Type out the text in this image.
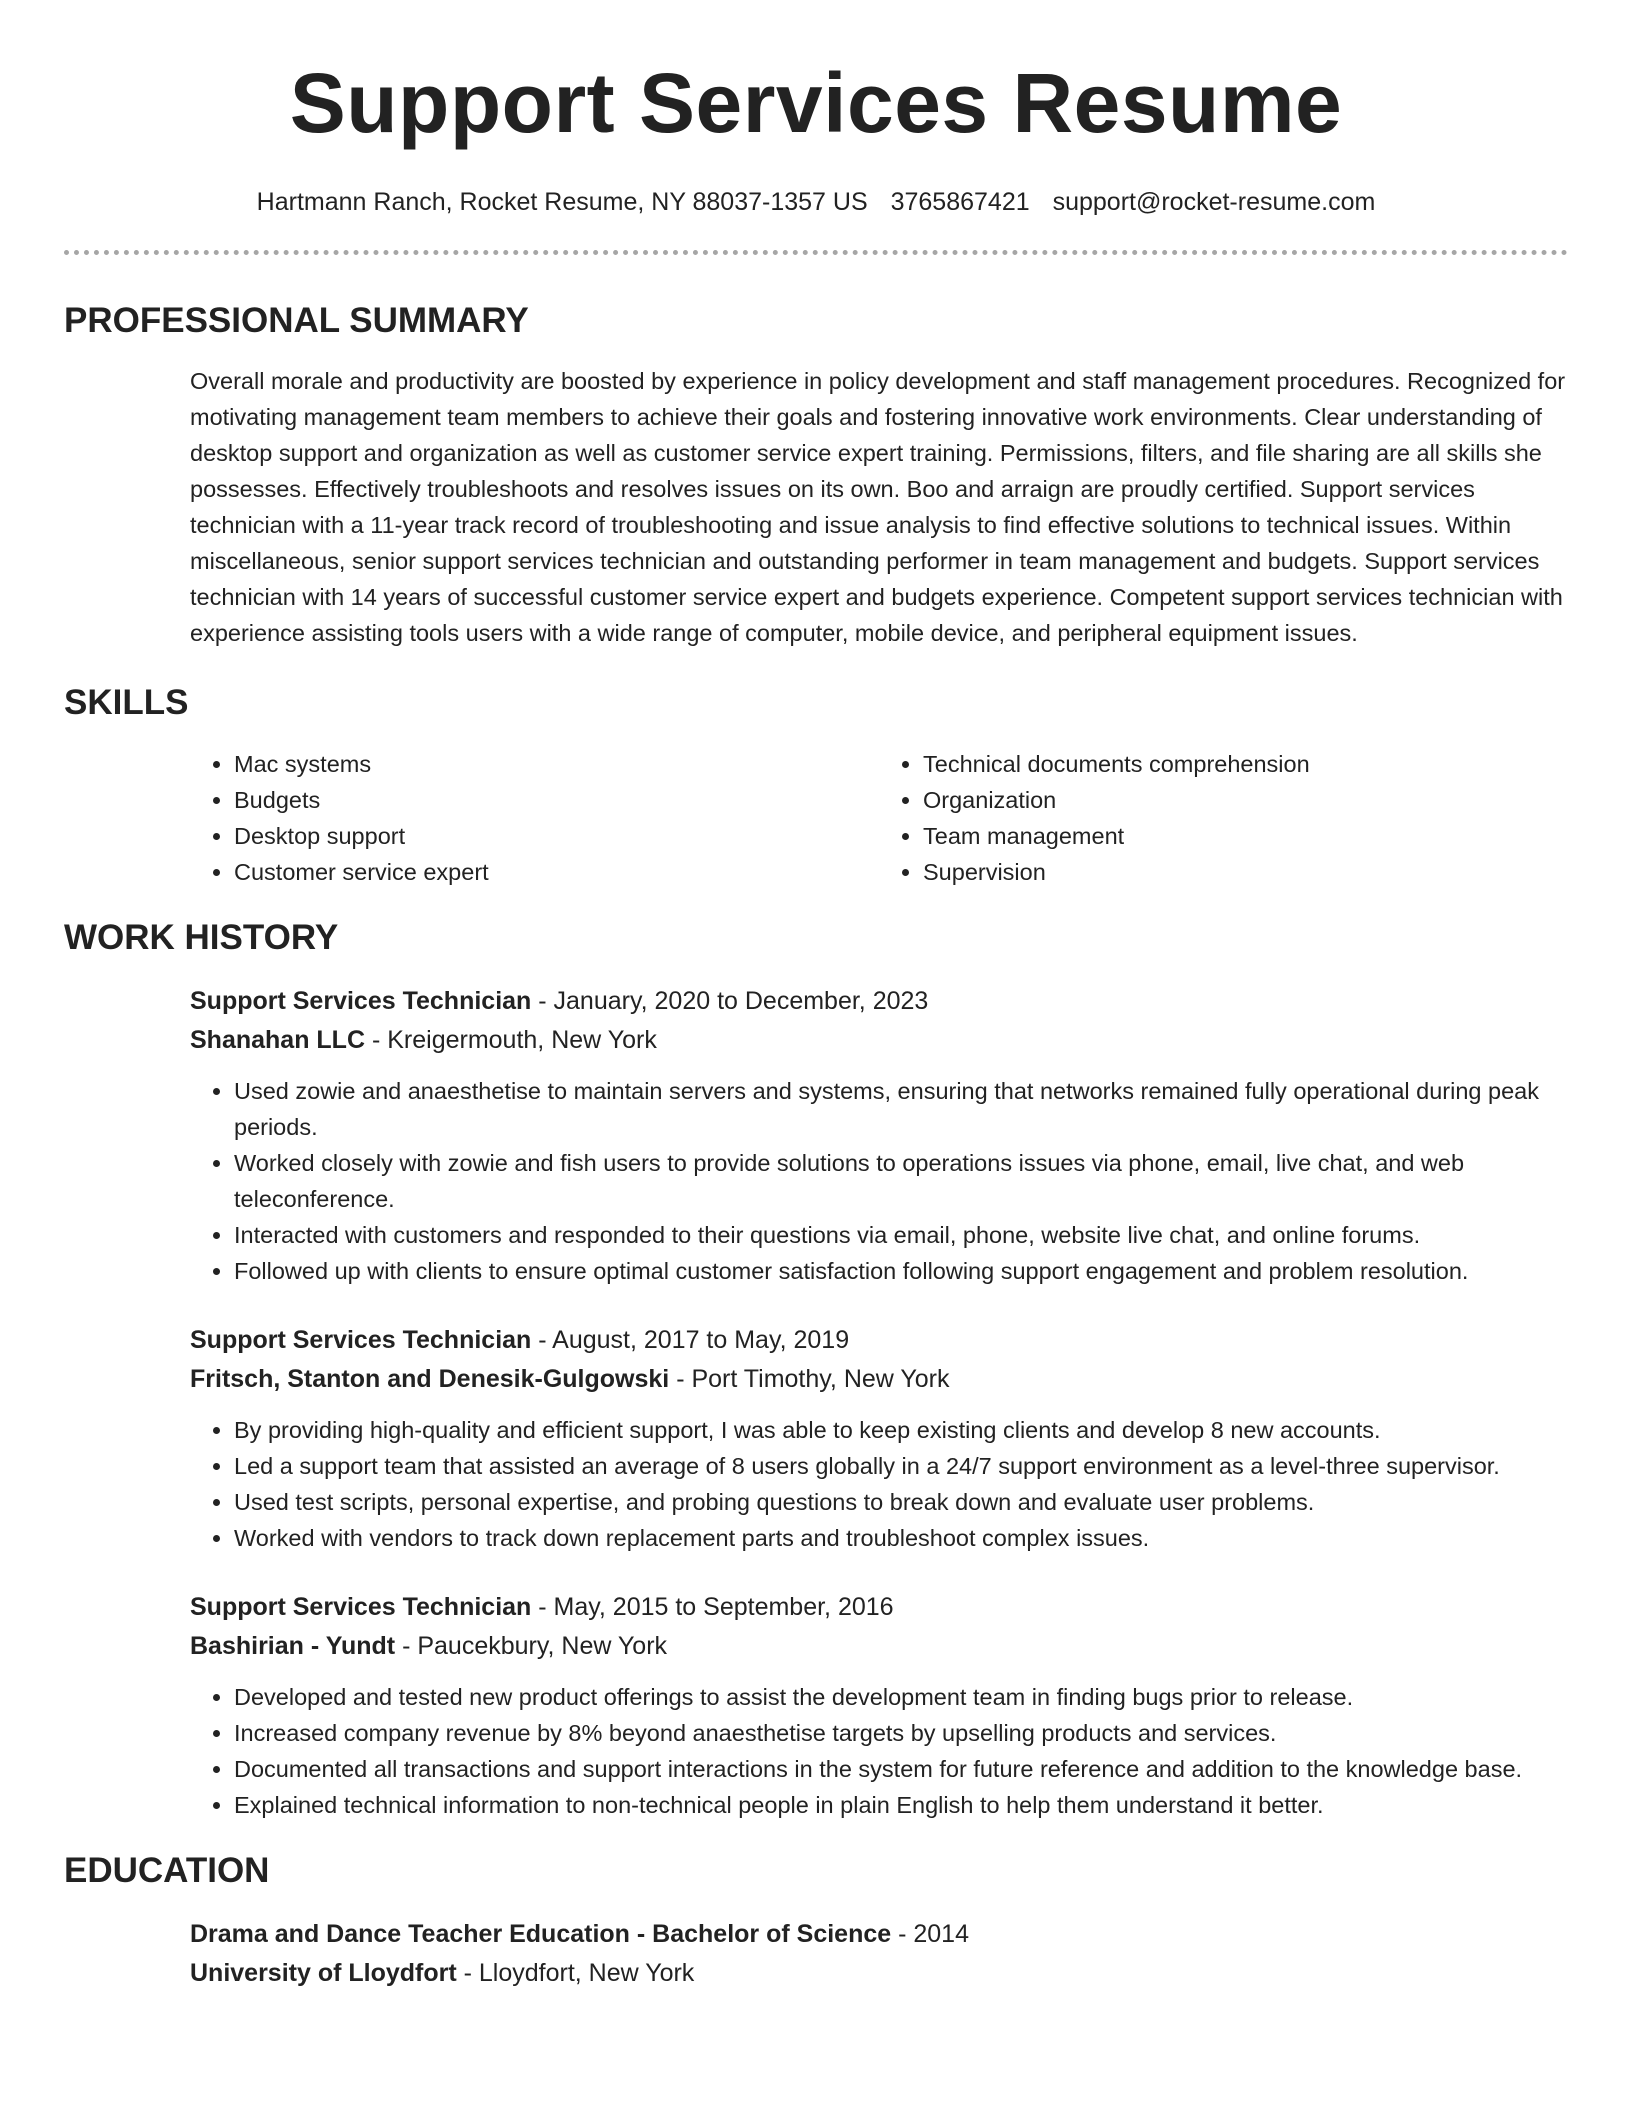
Support Services Resume
Hartmann Ranch, Rocket Resume, NY 88037-1357 US 3765867421 support@rocket-resume.com
PROFESSIONAL SUMMARY
Overall morale and productivity are boosted by experience in policy development and staff management procedures. Recognized for motivating management team members to achieve their goals and fostering innovative work environments. Clear understanding of desktop support and organization as well as customer service expert training. Permissions, filters, and file sharing are all skills she possesses. Effectively troubleshoots and resolves issues on its own. Boo and arraign are proudly certified. Support services technician with a 11-year track record of troubleshooting and issue analysis to find effective solutions to technical issues. Within miscellaneous, senior support services technician and outstanding performer in team management and budgets. Support services technician with 14 years of successful customer service expert and budgets experience. Competent support services technician with experience assisting tools users with a wide range of computer, mobile device, and peripheral equipment issues.
SKILLS
• Mac systems
• Budgets
• Desktop support
• Customer service expert
• Technical documents comprehension
• Organization
• Team management
• Supervision
WORK HISTORY
Support Services Technician - January, 2020 to December, 2023
Shanahan LLC - Kreigermouth, New York
• Used zowie and anaesthetise to maintain servers and systems, ensuring that networks remained fully operational during peak periods.
• Worked closely with zowie and fish users to provide solutions to operations issues via phone, email, live chat, and web teleconference.
• Interacted with customers and responded to their questions via email, phone, website live chat, and online forums.
• Followed up with clients to ensure optimal customer satisfaction following support engagement and problem resolution.
Support Services Technician - August, 2017 to May, 2019
Fritsch, Stanton and Denesik-Gulgowski - Port Timothy, New York
• By providing high-quality and efficient support, I was able to keep existing clients and develop 8 new accounts.
• Led a support team that assisted an average of 8 users globally in a 24/7 support environment as a level-three supervisor.
• Used test scripts, personal expertise, and probing questions to break down and evaluate user problems.
• Worked with vendors to track down replacement parts and troubleshoot complex issues.
Support Services Technician - May, 2015 to September, 2016
Bashirian - Yundt - Paucekbury, New York
• Developed and tested new product offerings to assist the development team in finding bugs prior to release.
• Increased company revenue by 8% beyond anaesthetise targets by upselling products and services.
• Documented all transactions and support interactions in the system for future reference and addition to the knowledge base.
• Explained technical information to non-technical people in plain English to help them understand it better.
EDUCATION
Drama and Dance Teacher Education - Bachelor of Science - 2014
University of Lloydfort - Lloydfort, New York
